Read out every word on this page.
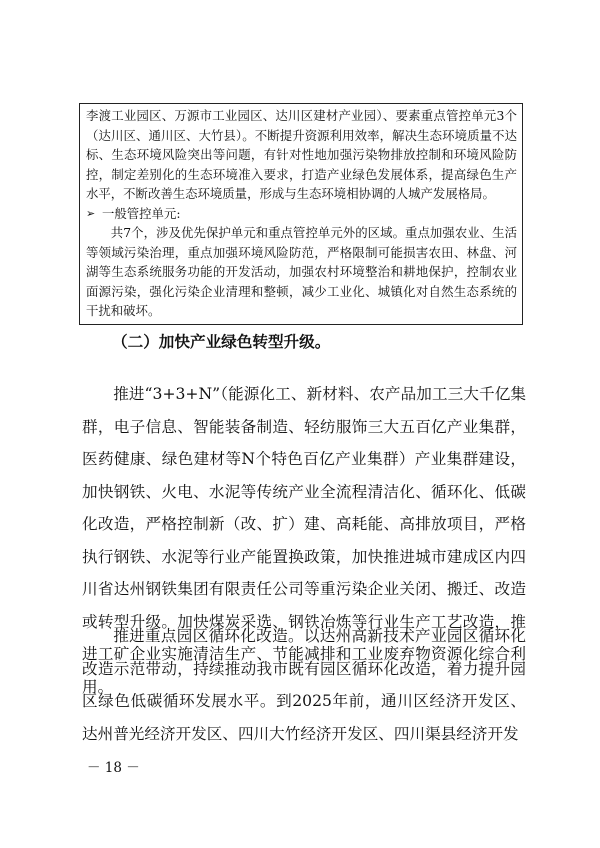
李渡工业园区、万源市工业园区、达川区建材产业园）、要素重点管控单元3个（达川区、通川区、大竹县）。不断提升资源利用效率，解决生态环境质量不达标、生态环境风险突出等问题，有针对性地加强污染物排放控制和环境风险防控，制定差别化的生态环境准入要求，打造产业绿色发展体系，提高绿色生产水平，不断改善生态环境质量，形成与生态环境相协调的人城产发展格局。

➢ 一般管控单元:

共7个，涉及优先保护单元和重点管控单元外的区域。重点加强农业、生活等领域污染治理，重点加强环境风险防范，严格限制可能损害农田、林盘、河湖等生态系统服务功能的开发活动，加强农村环境整治和耕地保护，控制农业面源污染，强化污染企业清理和整顿，减少工业化、城镇化对自然生态系统的干扰和破坏。

（二）加快产业绿色转型升级。

推进“3+3+N”（能源化工、新材料、农产品加工三大千亿集群，电子信息、智能装备制造、轻纺服饰三大五百亿产业集群，医药健康、绿色建材等N个特色百亿产业集群）产业集群建设，加快钢铁、火电、水泥等传统产业全流程清洁化、循环化、低碳化改造，严格控制新（改、扩）建、高耗能、高排放项目，严格执行钢铁、水泥等行业产能置换政策，加快推进城市建成区内四川省达州钢铁集团有限责任公司等重污染企业关闭、搬迁、改造或转型升级。加快煤炭采选、钢铁冶炼等行业生产工艺改造，推进工矿企业实施清洁生产、节能减排和工业废弃物资源化综合利用。

推进重点园区循环化改造。以达州高新技术产业园区循环化改造示范带动，持续推动我市既有园区循环化改造，着力提升园区绿色低碳循环发展水平。到2025年前，通川区经济开发区、达州普光经济开发区、四川大竹经济开发区、四川渠县经济开发

－ 18 －
